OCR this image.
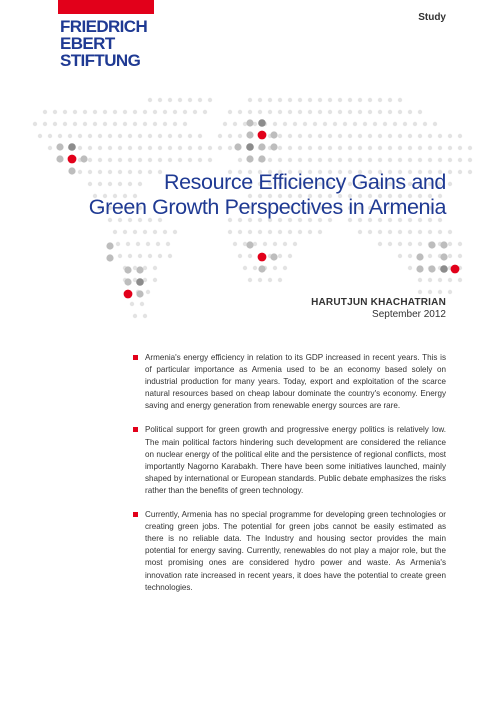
FRIEDRICH
EBERT
STIFTUNG
Study
Resource Efficiency Gains and
Green Growth Perspectives in Armenia
HARUTJUN KHACHATRIAN
September 2012
Armenia's energy efficiency in relation to its GDP increased in recent years. This is of particular importance as Armenia used to be an economy based solely on industrial production for many years. Today, export and exploitation of the scarce natural resources based on cheap labour dominate the country's economy. Energy saving and energy generation from renewable energy sources are rare.
Political support for green growth and progressive energy politics is relatively low. The main political factors hindering such development are considered the reliance on nuclear energy of the political elite and the persistence of regional conflicts, most importantly Nagorno Karabakh. There have been some initiatives launched, mainly shaped by international or European standards. Public debate emphasizes the risks rather than the benefits of green technology.
Currently, Armenia has no special programme for developing green technologies or creating green jobs. The potential for green jobs cannot be easily estimated as there is no reliable data. The Industry and housing sector provides the main potential for energy saving. Currently, renewables do not play a major role, but the most promising ones are considered hydro power and waste. As Armenia's innovation rate increased in recent years, it does have the potential to create green technologies.
